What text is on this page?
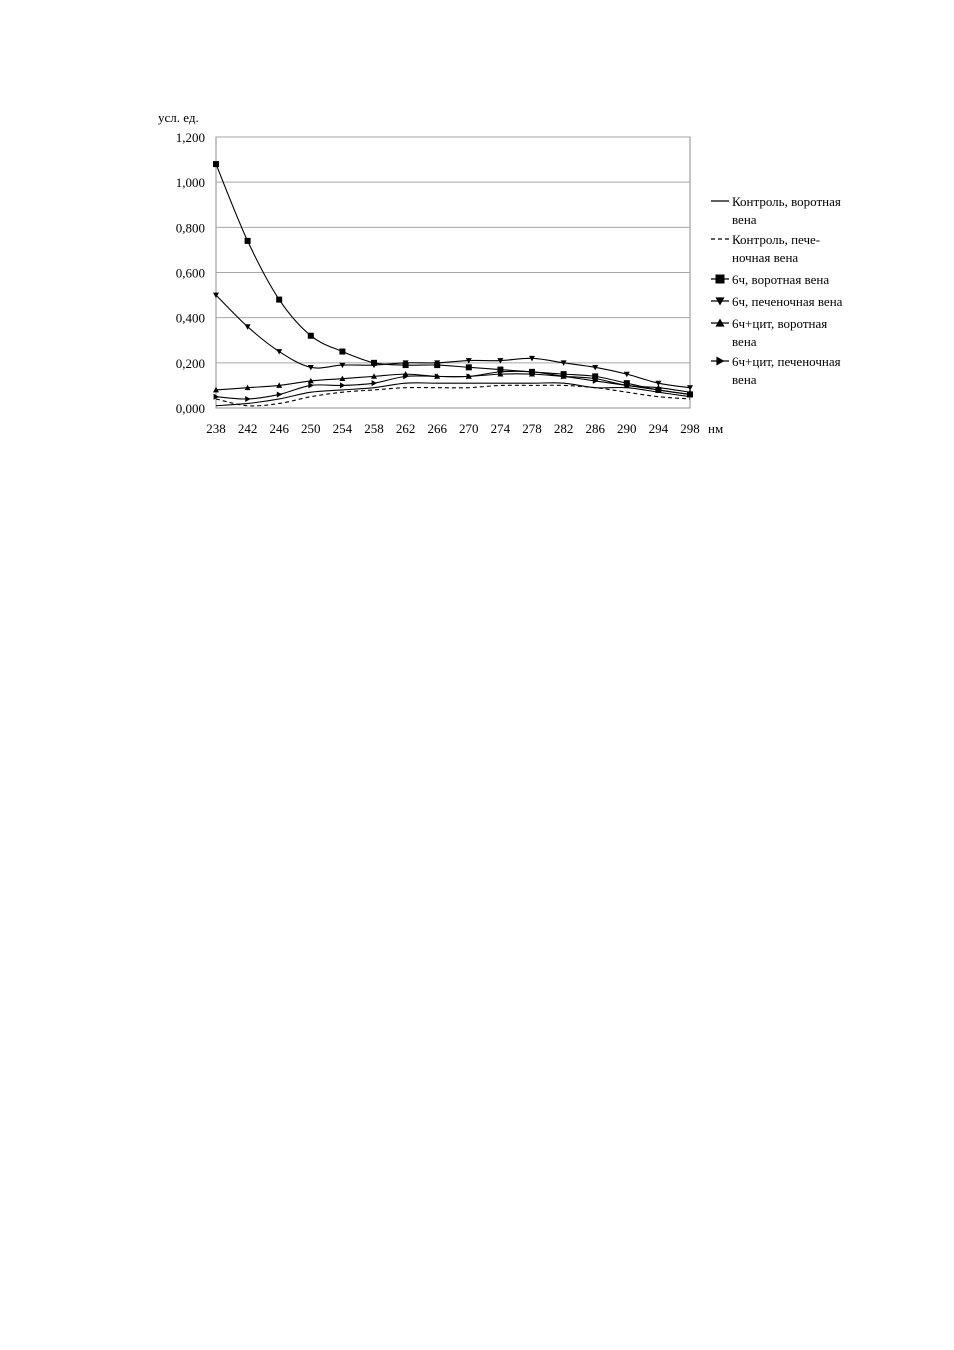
0,000
0,200
0,400
0,600
0,800
1,000
1,200
238 242 246 250 254 258 262 266 270 274 278 282 286 290 294 298
усл. ед.
нм
Контроль, воротная
вена
Контроль, пече-
ночная вена
6ч, воротная вена
6ч, печеночная вена
6ч+цит, воротная
вена
6ч+цит, печеночная
вена
